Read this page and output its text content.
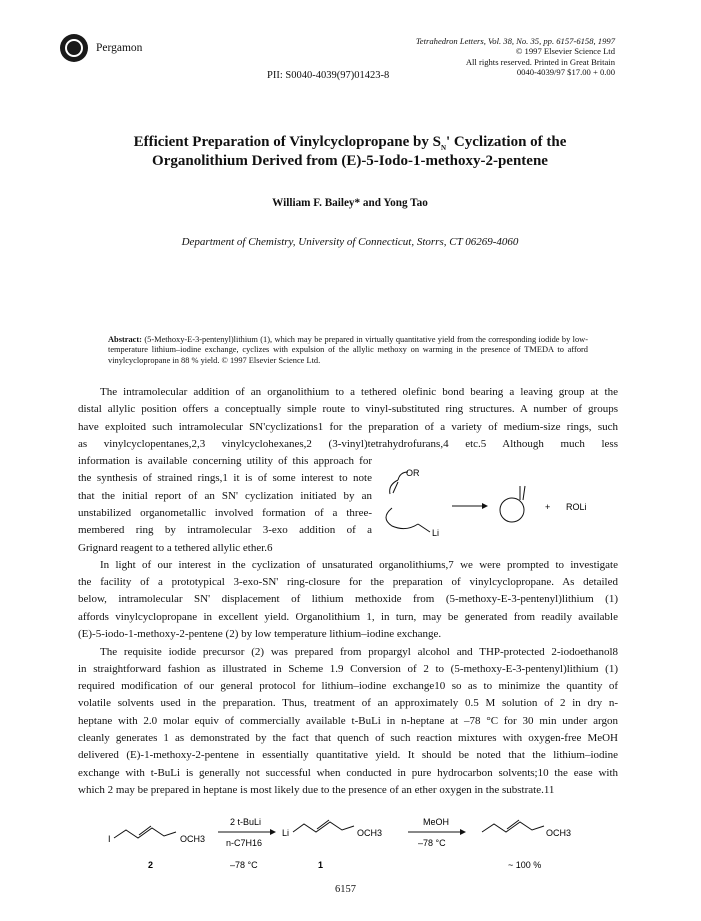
Pergamon
Tetrahedron Letters, Vol. 38, No. 35, pp. 6157-6158, 1997
© 1997 Elsevier Science Ltd
All rights reserved. Printed in Great Britain
0040-4039/97 $17.00 + 0.00
PII: S0040-4039(97)01423-8
Efficient Preparation of Vinylcyclopropane by $S_N'$ Cyclization of the
Organolithium Derived from (E)-5-Iodo-1-methoxy-2-pentene
William F. Bailey* and Yong Tao
Department of Chemistry, University of Connecticut, Storrs, CT 06269-4060
Abstract: (5-Methoxy-E-3-pentenyl)lithium (1), which may be prepared in virtually quantitative yield from the corresponding iodide by low-temperature lithium–iodine exchange, cyclizes with expulsion of the allylic methoxy on warming in the presence of TMEDA to afford vinylcyclopropane in 88 % yield. © 1997 Elsevier Science Ltd.
The intramolecular addition of an organolithium to a tethered olefinic bond bearing a leaving group at the
distal allylic position offers a conceptually simple route to vinyl-substituted ring structures. A number of groups
have exploited such intramolecular SN'cyclizations1 for the preparation of a variety of medium-size rings, such
as vinylcyclopentanes,2,3 vinylcyclohexanes,2 (3-vinyl)tetrahydrofurans,4 etc.5 Although much less
information is available concerning utility of this approach for
the synthesis of strained rings,1 it is of some interest to note
that the initial report of an SN' cyclization initiated by an
unstabilized organometallic involved formation of a three-
membered ring by intramolecular 3-exo addition of a
Grignard reagent to a tethered allylic ether.6
OR
Li
+ ROLi
In light of our interest in the cyclization of unsaturated organolithiums,7 we were prompted to investigate
the facility of a prototypical 3-exo-SN' ring-closure for the preparation of vinylcyclopropane. As detailed
below, intramolecular SN' displacement of lithium methoxide from (5-methoxy-E-3-pentenyl)lithium (1)
affords vinylcyclopropane in excellent yield. Organolithium 1, in turn, may be generated from readily available
(E)-5-iodo-1-methoxy-2-pentene (2) by low temperature lithium–iodine exchange.
The requisite iodide precursor (2) was prepared from propargyl alcohol and THP-protected 2-iodoethanol8
in straightforward fashion as illustrated in Scheme 1.9 Conversion of 2 to (5-methoxy-E-3-pentenyl)lithium (1)
required modification of our general protocol for lithium–iodine exchange10 so as to minimize the quantity of
volatile solvents used in the preparation. Thus, treatment of an approximately 0.5 M solution of 2 in dry n-
heptane with 2.0 molar equiv of commercially available t-BuLi in n-heptane at –78 °C for 30 min under argon
cleanly generates 1 as demonstrated by the fact that quench of such reaction mixtures with oxygen-free MeOH
delivered (E)-1-methoxy-2-pentene in essentially quantitative yield. It should be noted that the lithium–iodine
exchange with t-BuLi is generally not successful when conducted in pure hydrocarbon solvents;10 the ease with
which 2 may be prepared in heptane is most likely due to the presence of an ether oxygen in the substrate.11
I	OCH3
2
2 t-BuLi
n-C7H16
–78 °C
Li	OCH3
1
MeOH
–78 °C
OCH3
~ 100 %
6157
